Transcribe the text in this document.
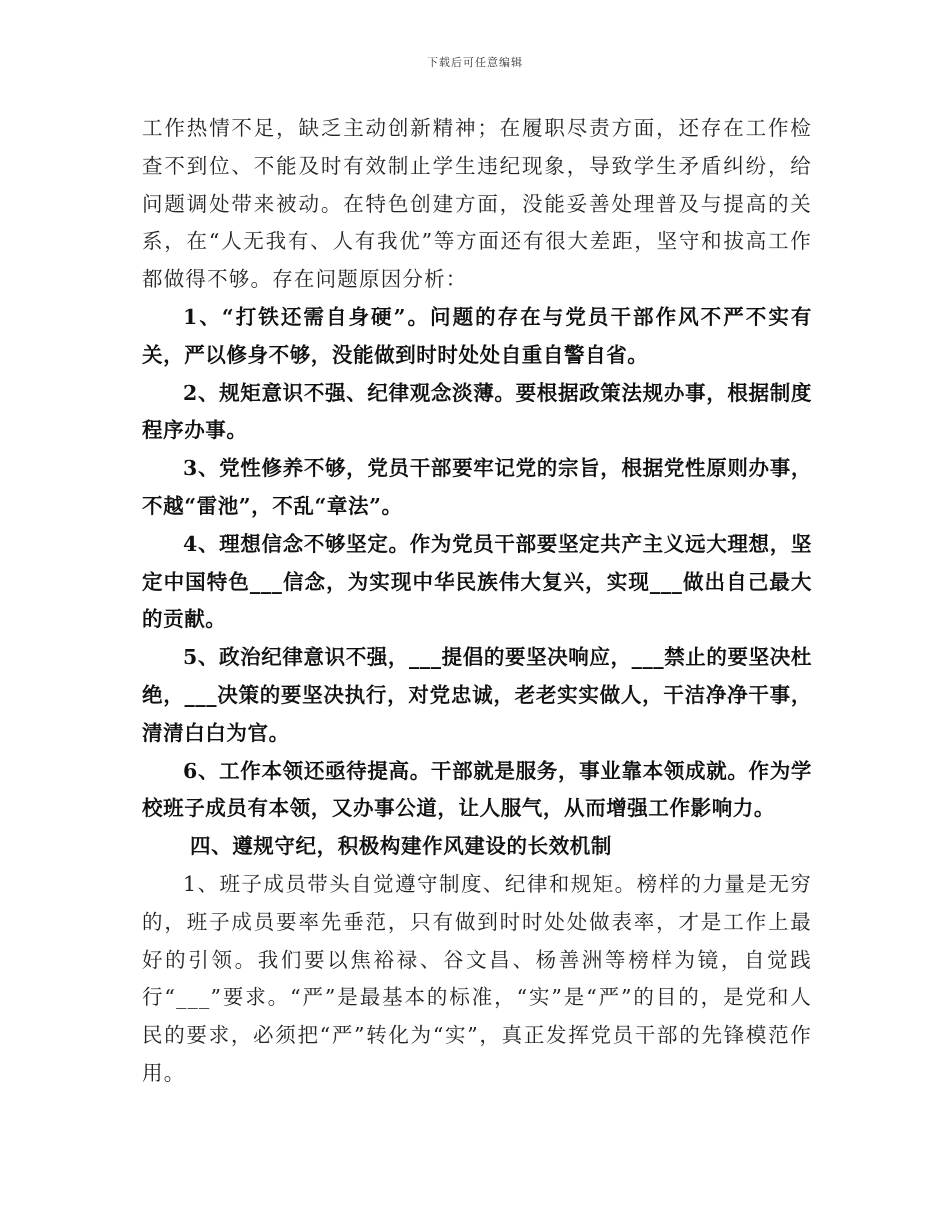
下载后可任意编辑

工作热情不足，缺乏主动创新精神；在履职尽责方面，还存在工作检查不到位、不能及时有效制止学生违纪现象，导致学生矛盾纠纷，给问题调处带来被动。在特色创建方面，没能妥善处理普及与提高的关系，在“人无我有、人有我优”等方面还有很大差距，坚守和拔高工作都做得不够。存在问题原因分析：

1、“打铁还需自身硬”。问题的存在与党员干部作风不严不实有关，严以修身不够，没能做到时时处处自重自警自省。

2、规矩意识不强、纪律观念淡薄。要根据政策法规办事，根据制度程序办事。

3、党性修养不够，党员干部要牢记党的宗旨，根据党性原则办事，不越“雷池”，不乱“章法”。

4、理想信念不够坚定。作为党员干部要坚定共产主义远大理想，坚定中国特色___信念，为实现中华民族伟大复兴，实现___做出自己最大的贡献。

5、政治纪律意识不强，___提倡的要坚决响应，___禁止的要坚决杜绝，___决策的要坚决执行，对党忠诚，老老实实做人，干洁净净干事，清清白白为官。

6、工作本领还亟待提高。干部就是服务，事业靠本领成就。作为学校班子成员有本领，又办事公道，让人服气，从而增强工作影响力。

四、遵规守纪，积极构建作风建设的长效机制

1、班子成员带头自觉遵守制度、纪律和规矩。榜样的力量是无穷的，班子成员要率先垂范，只有做到时时处处做表率，才是工作上最好的引领。我们要以焦裕禄、谷文昌、杨善洲等榜样为镜，自觉践行“___”要求。“严”是最基本的标准，“实”是“严”的目的，是党和人民的要求，必须把“严”转化为“实”，真正发挥党员干部的先锋模范作用。
